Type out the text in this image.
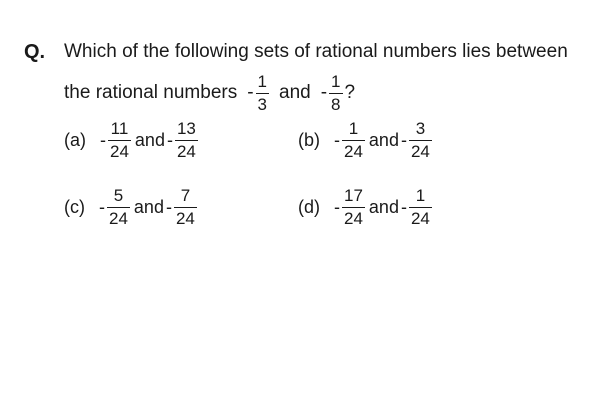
Q. Which of the following sets of rational numbers lies between
the rational numbers - $\frac{1}{3}$ and - $\frac{1}{8}$ ?
$(a) - \frac{11}{24}$ and - $\frac{13}{24}$	$(b) - \frac{1}{24}$ and - $\frac{3}{24}$
$(c) - \frac{5}{24}$ and - $\frac{7}{24}$	$(d) - \frac{17}{24}$ and - $\frac{1}{24}$
